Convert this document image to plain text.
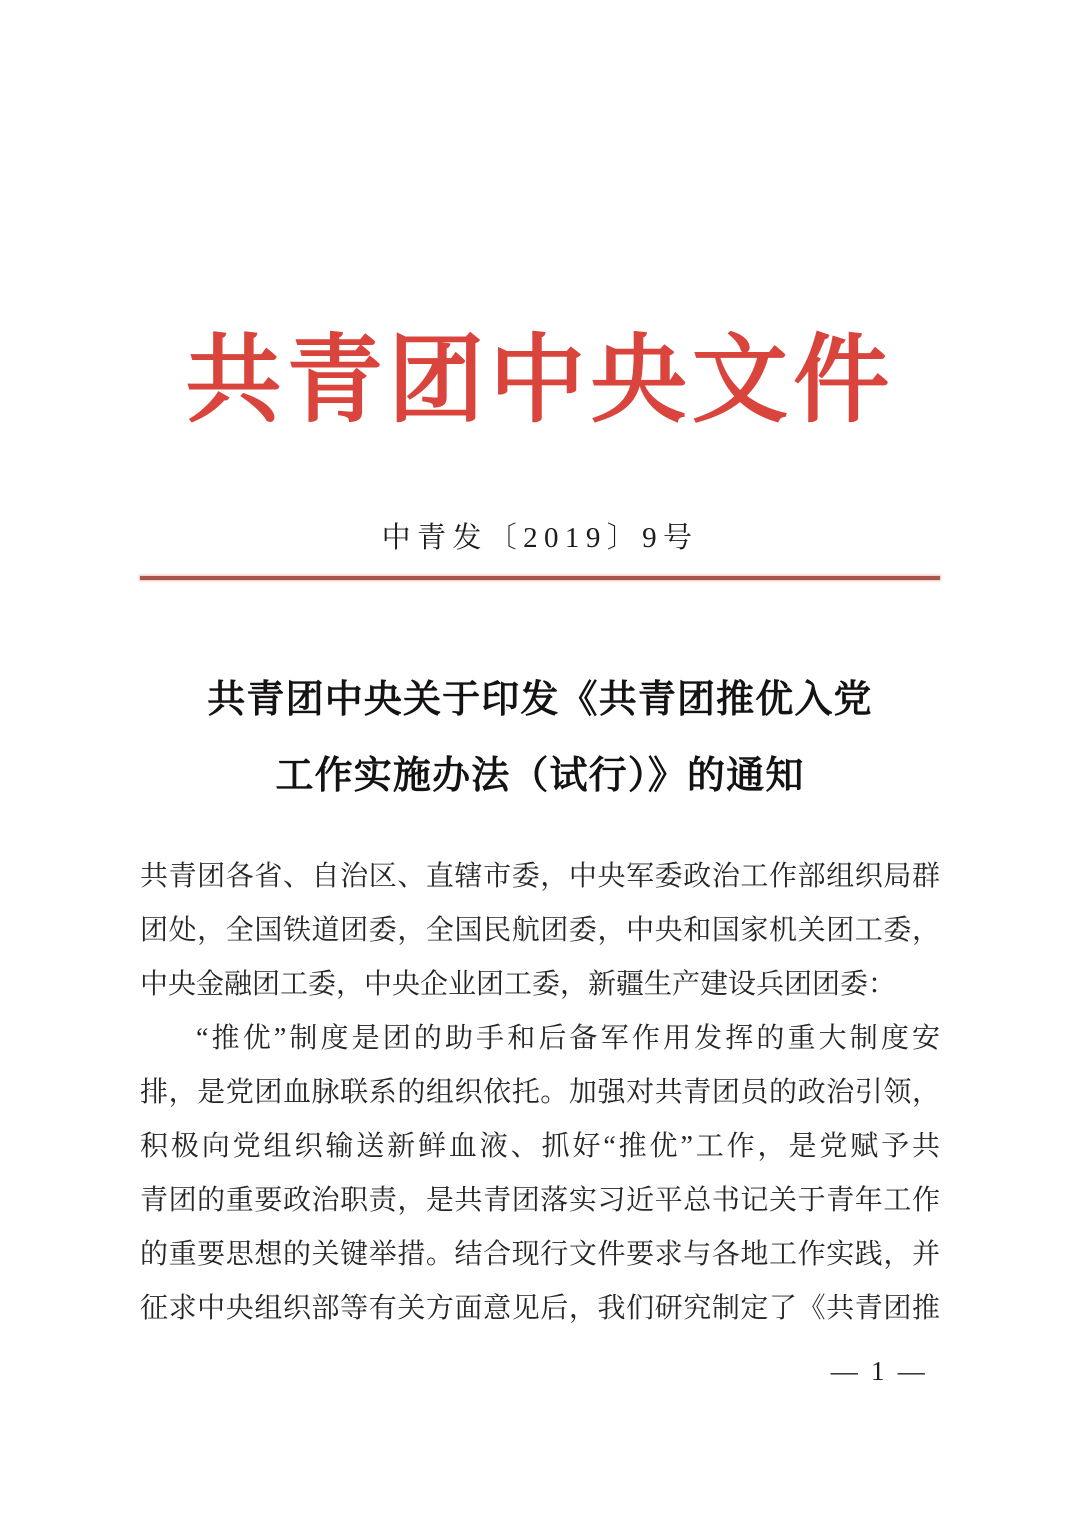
共青团中央文件
中青发〔2019〕9号
共青团中央关于印发《共青团推优入党
工作实施办法（试行）》的通知
共青团各省、自治区、直辖市委，中央军委政治工作部组织局群
团处，全国铁道团委，全国民航团委，中央和国家机关团工委，
中央金融团工委，中央企业团工委，新疆生产建设兵团团委：
“推优”制度是团的助手和后备军作用发挥的重大制度安
排，是党团血脉联系的组织依托。加强对共青团员的政治引领，
积极向党组织输送新鲜血液、抓好“推优”工作，是党赋予共
青团的重要政治职责，是共青团落实习近平总书记关于青年工作
的重要思想的关键举措。结合现行文件要求与各地工作实践，并
征求中央组织部等有关方面意见后，我们研究制定了《共青团推
— 1 —
